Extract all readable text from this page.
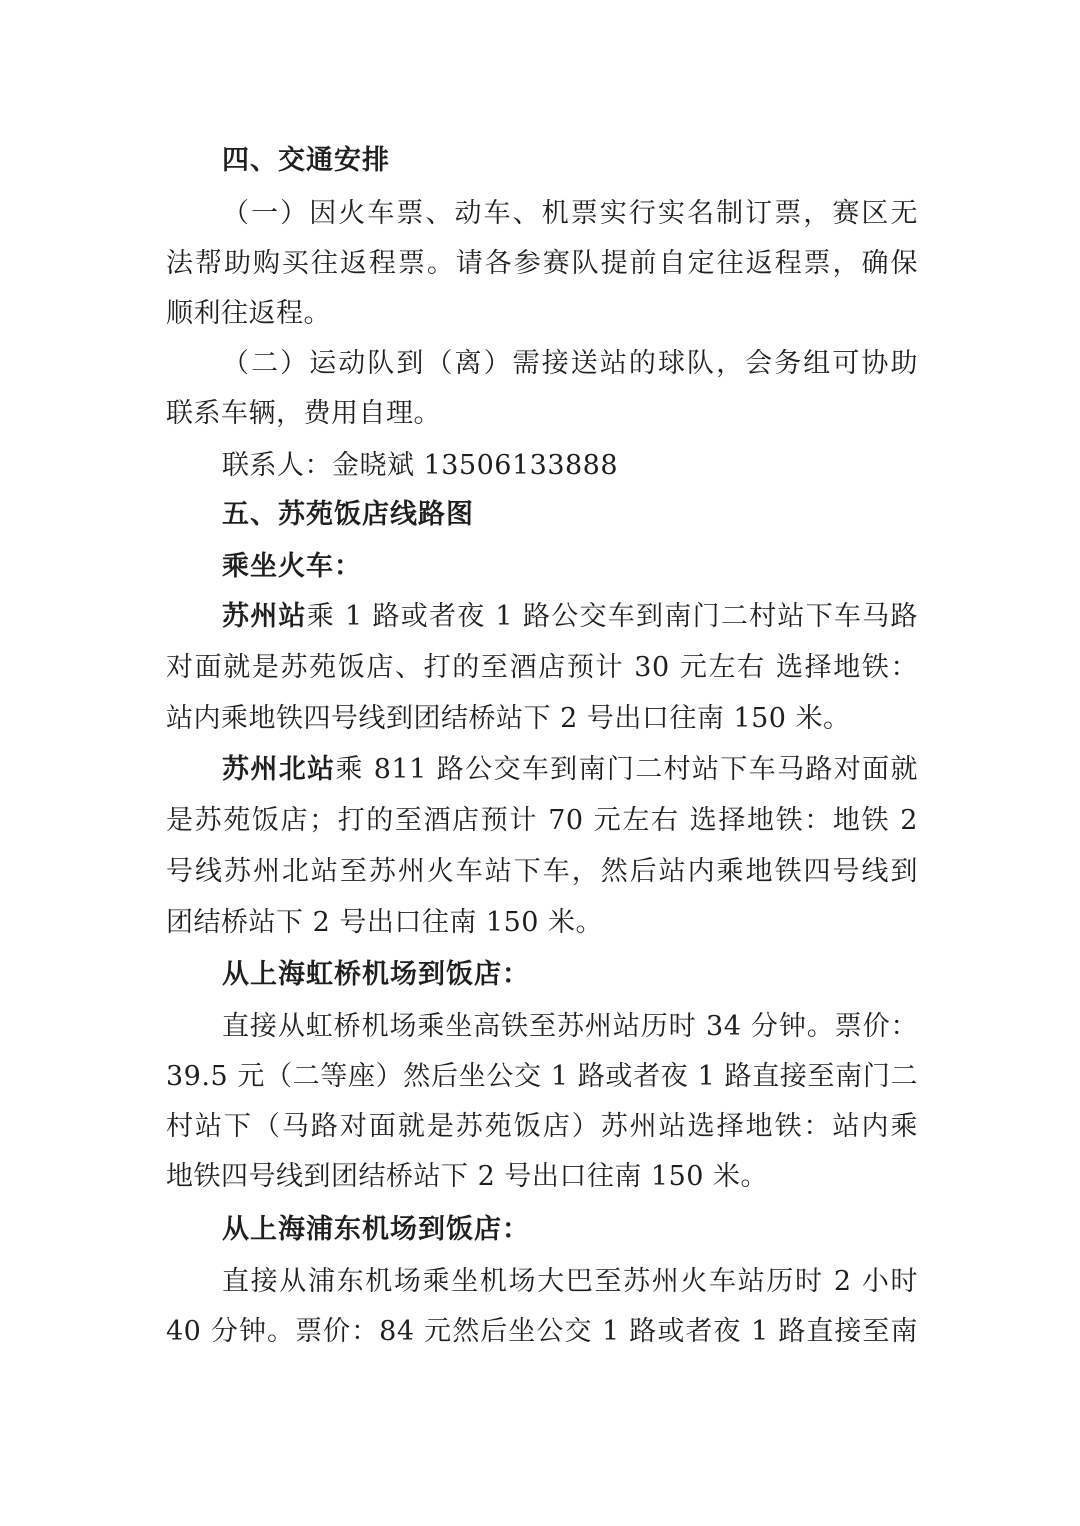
四、交通安排
（一）因火车票、动车、机票实行实名制订票，赛区无
法帮助购买往返程票。请各参赛队提前自定往返程票，确保
顺利往返程。
（二）运动队到（离）需接送站的球队，会务组可协助
联系车辆，费用自理。
联系人：金晓斌 13506133888
五、苏苑饭店线路图
乘坐火车：
苏州站乘 1 路或者夜 1 路公交车到南门二村站下车马路
对面就是苏苑饭店、打的至酒店预计 30 元左右 选择地铁：
站内乘地铁四号线到团结桥站下 2 号出口往南 150 米。
苏州北站乘 811 路公交车到南门二村站下车马路对面就
是苏苑饭店；打的至酒店预计 70 元左右 选择地铁：地铁 2
号线苏州北站至苏州火车站下车，然后站内乘地铁四号线到
团结桥站下 2 号出口往南 150 米。
从上海虹桥机场到饭店：
直接从虹桥机场乘坐高铁至苏州站历时 34 分钟。票价：
39.5 元（二等座）然后坐公交 1 路或者夜 1 路直接至南门二
村站下（马路对面就是苏苑饭店）苏州站选择地铁：站内乘
地铁四号线到团结桥站下 2 号出口往南 150 米。
从上海浦东机场到饭店：
直接从浦东机场乘坐机场大巴至苏州火车站历时 2 小时
40 分钟。票价：84 元然后坐公交 1 路或者夜 1 路直接至南
